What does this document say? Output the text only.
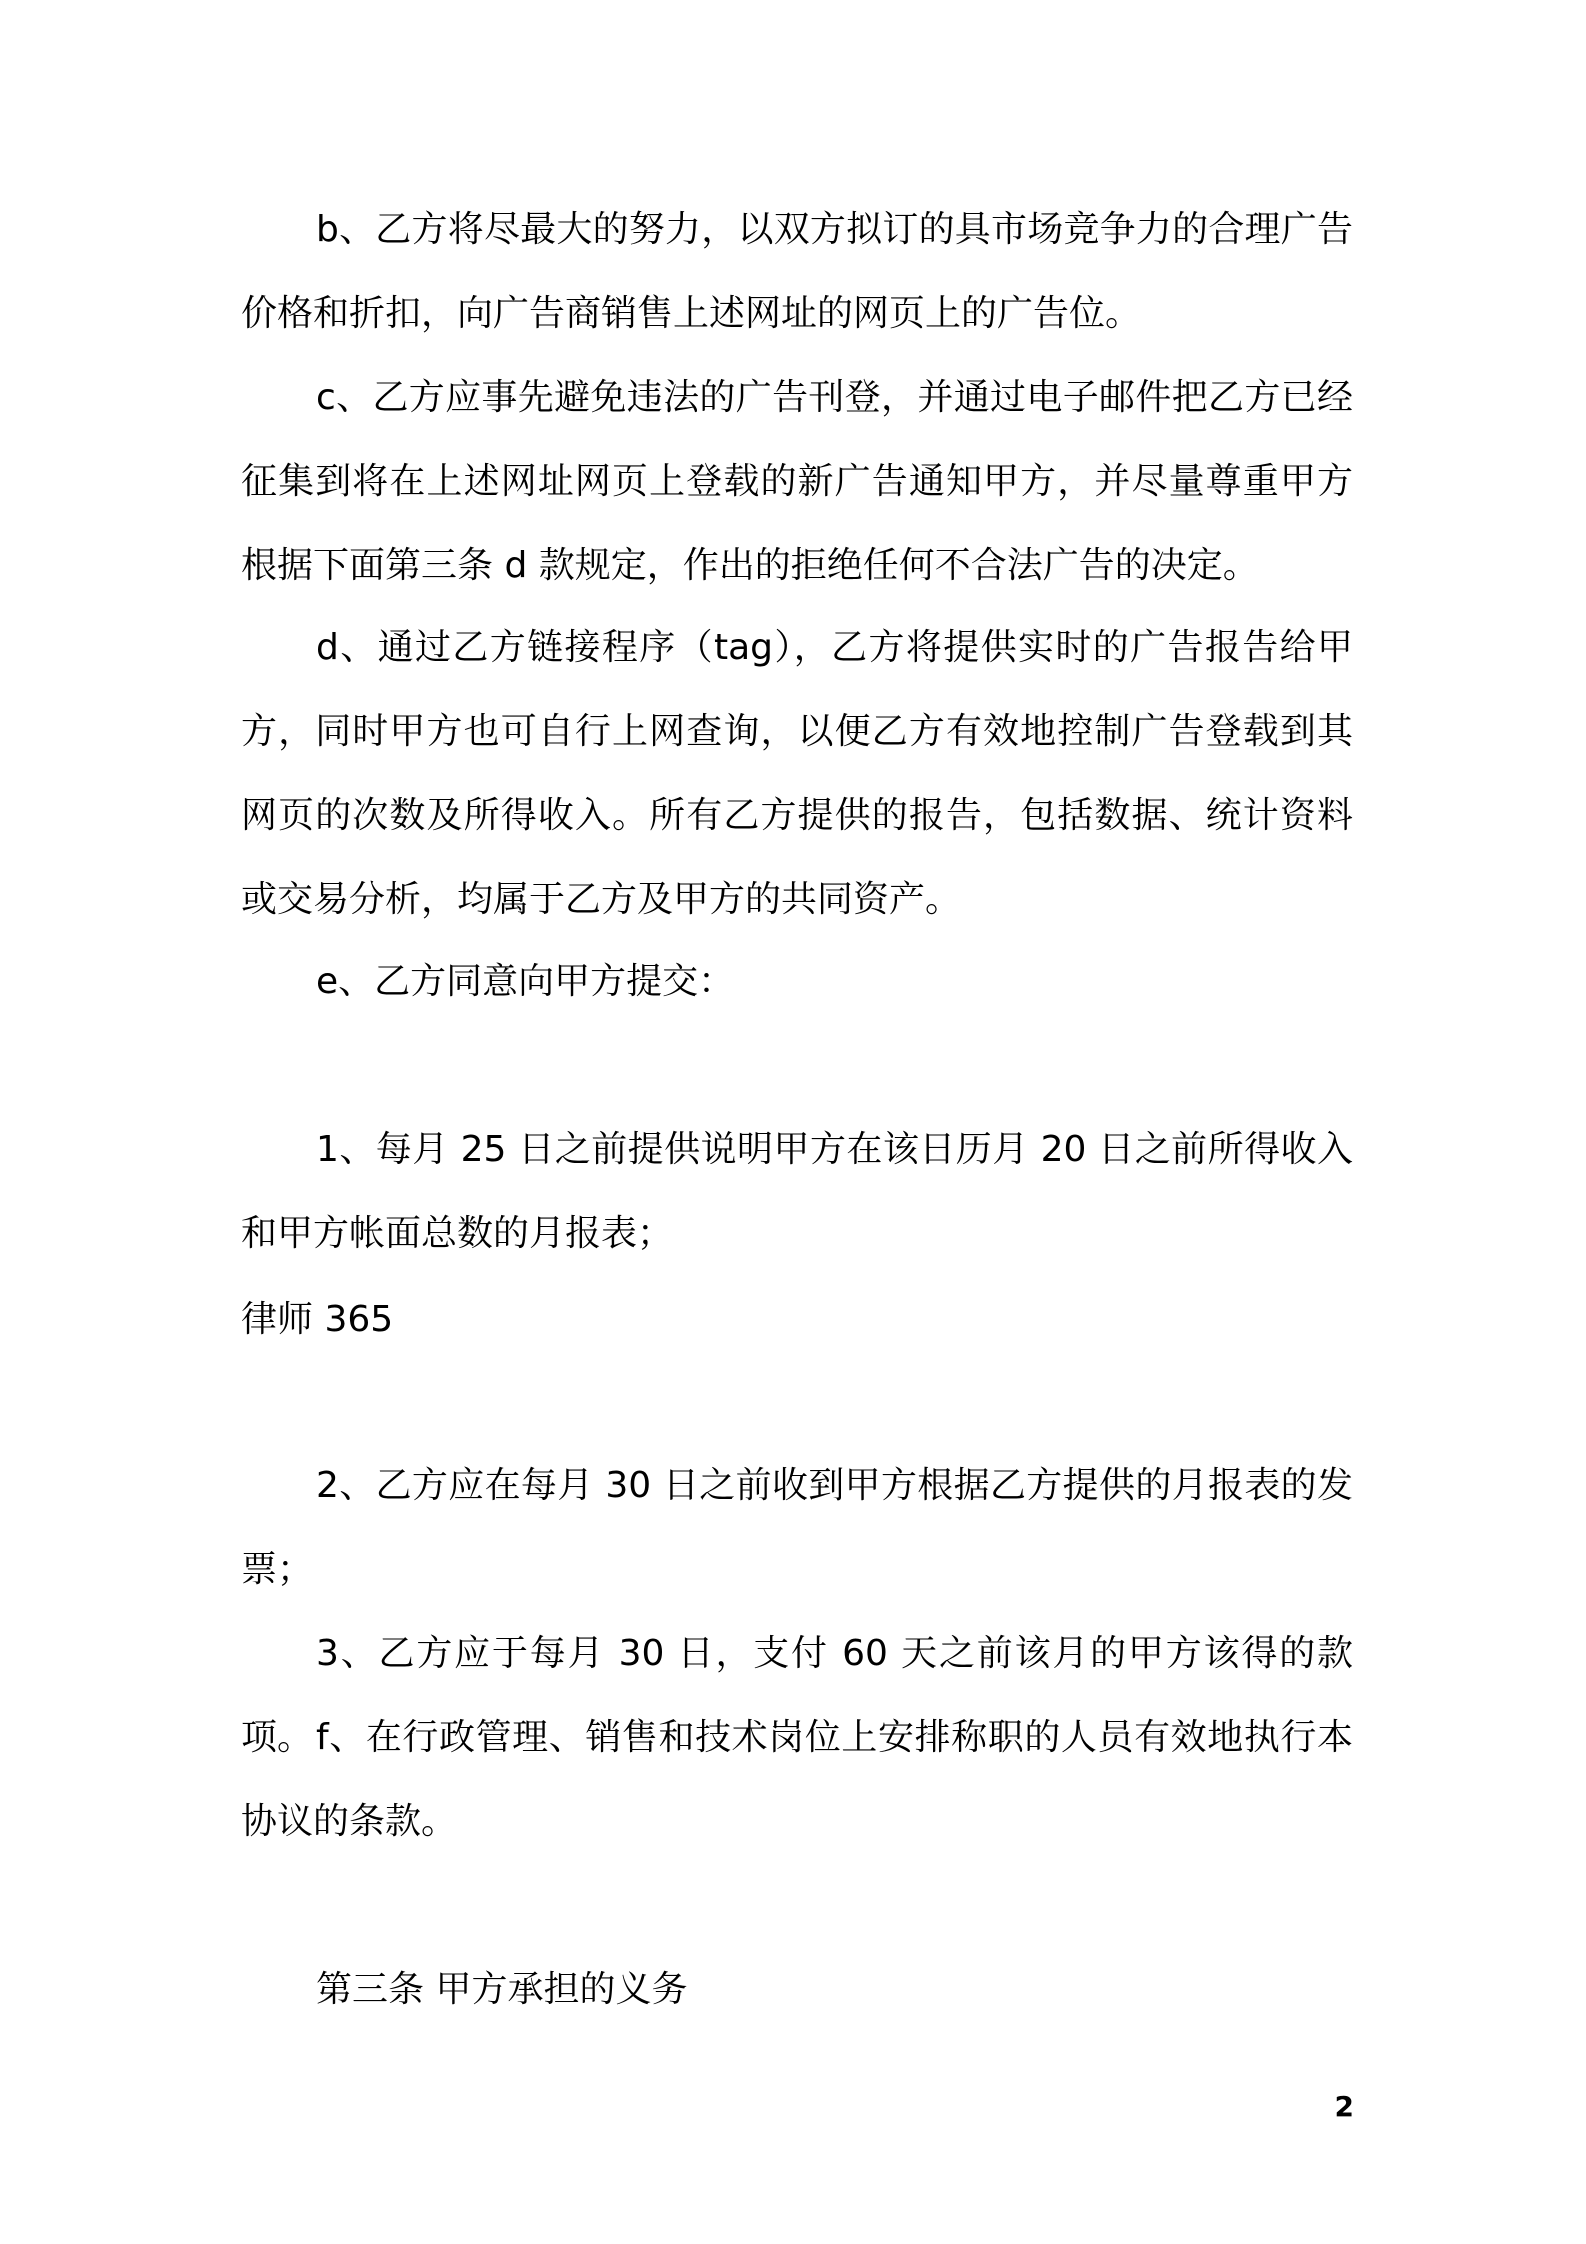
b、乙方将尽最大的努力，以双方拟订的具市场竞争力的合理广告价格和折扣，向广告商销售上述网址的网页上的广告位。

c、乙方应事先避免违法的广告刊登，并通过电子邮件把乙方已经征集到将在上述网址网页上登载的新广告通知甲方，并尽量尊重甲方根据下面第三条 d 款规定，作出的拒绝任何不合法广告的决定。

d、通过乙方链接程序（tag），乙方将提供实时的广告报告给甲方，同时甲方也可自行上网查询，以便乙方有效地控制广告登载到其网页的次数及所得收入。所有乙方提供的报告，包括数据、统计资料或交易分析，均属于乙方及甲方的共同资产。

e、乙方同意向甲方提交：

1、每月 25 日之前提供说明甲方在该日历月 20 日之前所得收入和甲方帐面总数的月报表；

律师 365

2、乙方应在每月 30 日之前收到甲方根据乙方提供的月报表的发票；

3、乙方应于每月 30 日，支付 60 天之前该月的甲方该得的款项。 f、在行政管理、销售和技术岗位上安排称职的人员有效地执行本协议的条款。

第三条 甲方承担的义务

2
